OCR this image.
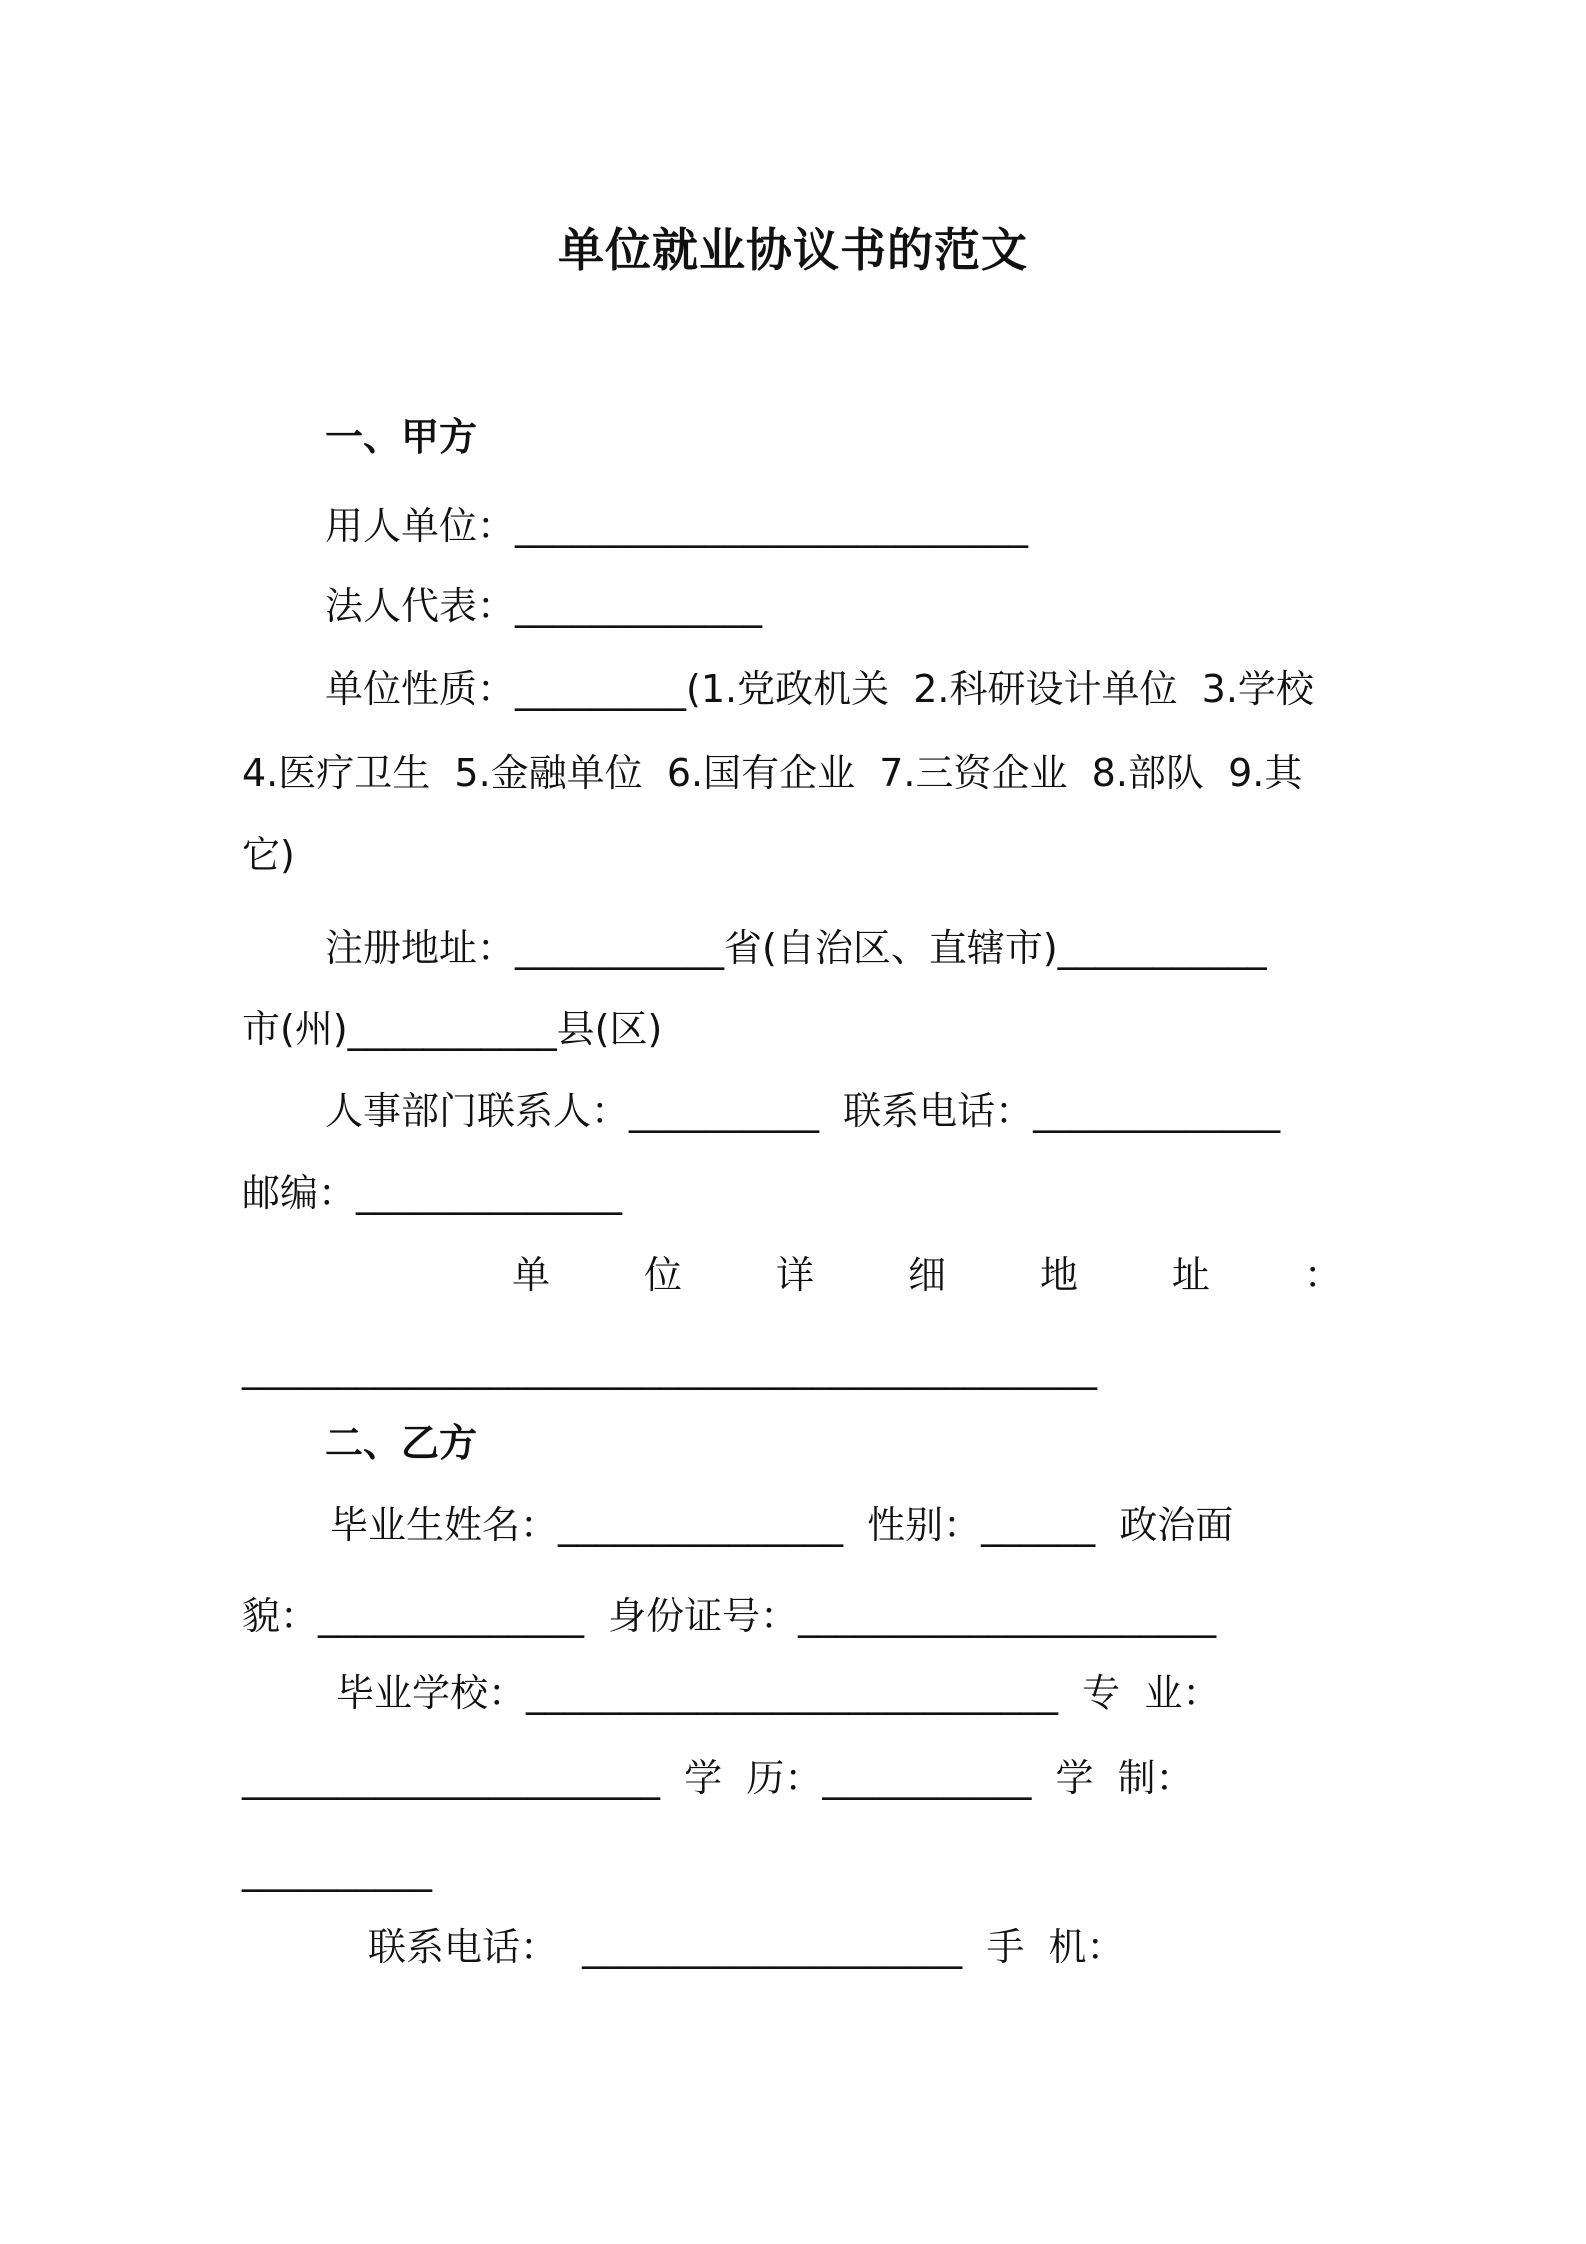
单位就业协议书的范文
一、甲方
用人单位：___________________________
法人代表：_____________
单位性质：_________(1.党政机关  2.科研设计单位  3.学校
4.医疗卫生  5.金融单位  6.国有企业  7.三资企业  8.部队  9.其
它)
注册地址：___________省(自治区、直辖市)___________
市(州)___________县(区)
人事部门联系人：__________  联系电话：_____________
邮编：______________
单 位 详 细 地 址 ：
_____________________________________________
二、乙方
毕业生姓名：_______________  性别：______  政治面
貌：______________  身份证号：______________________
毕业学校：____________________________  专  业：
______________________  学  历：___________  学  制：
__________
联系电话：  ____________________  手  机：
